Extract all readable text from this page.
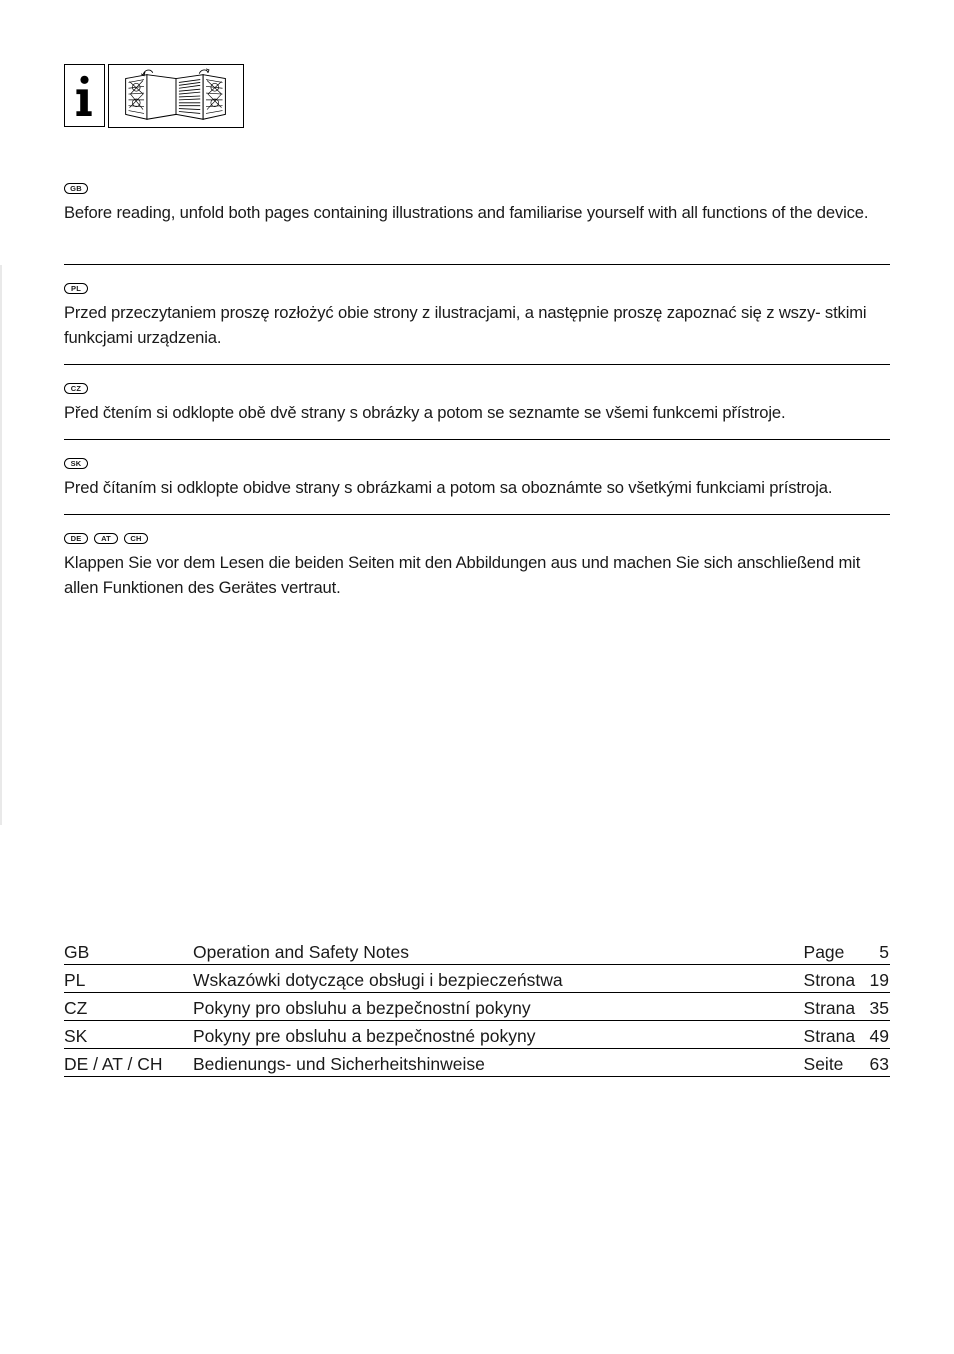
GB

Before reading, unfold both pages containing illustrations and familiarise yourself with all functions of the device.

PL

Przed przeczytaniem proszę rozłożyć obie strony z ilustracjami, a następnie proszę zapoznać się z wszy- stkimi funkcjami urządzenia.

CZ

Před čtením si odklopte obě dvě strany s obrázky a potom se seznamte se všemi funkcemi přístroje.

SK

Pred čítaním si odklopte obidve strany s obrázkami a potom sa oboznámte so všetkými funkciami prístroja.

DE	AT	CH

Klappen Sie vor dem Lesen die beiden Seiten mit den Abbildungen aus und machen Sie sich anschließend mit allen Funktionen des Gerätes vertraut.

GB	Operation and Safety Notes	Page	5
PL	Wskazówki dotyczące obsługi i bezpieczeństwa	Strona	19
CZ	Pokyny pro obsluhu a bezpečnostní pokyny	Strana	35
SK	Pokyny pre obsluhu a bezpečnostné pokyny	Strana	49
DE / AT / CH	Bedienungs- und Sicherheitshinweise	Seite	63
